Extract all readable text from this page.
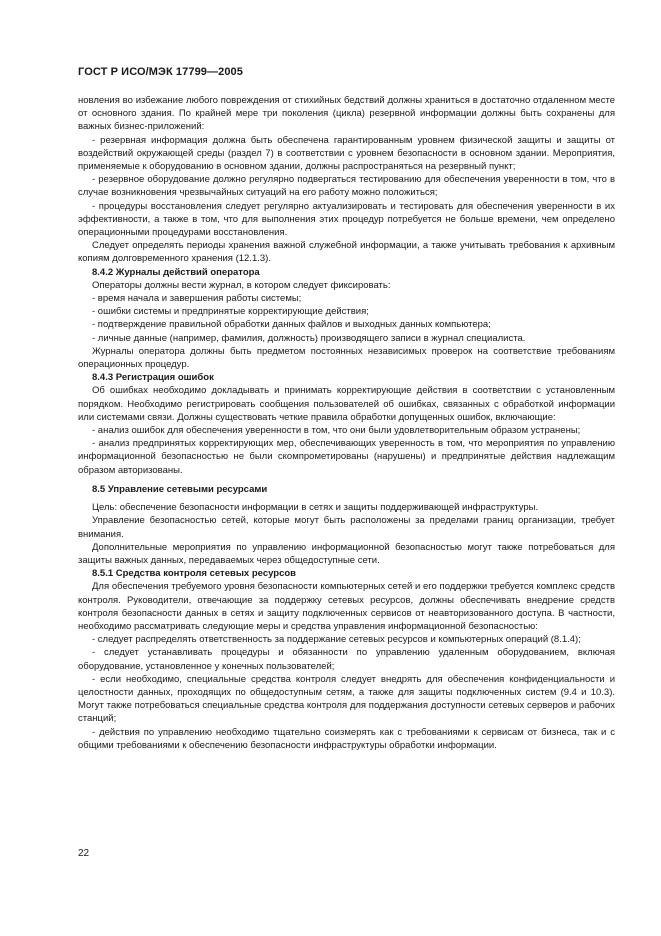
ГОСТ Р ИСО/МЭК 17799—2005

новления во избежание любого повреждения от стихийных бедствий должны храниться в достаточно отдаленном месте от основного здания. По крайней мере три поколения (цикла) резервной информации должны быть сохранены для важных бизнес-приложений:

- резервная информация должна быть обеспечена гарантированным уровнем физической защиты и защиты от воздействий окружающей среды (раздел 7) в соответствии с уровнем безопасности в основном здании. Мероприятия, применяемые к оборудованию в основном здании, должны распространяться на резервный пункт;

- резервное оборудование должно регулярно подвергаться тестированию для обеспечения уверенности в том, что в случае возникновения чрезвычайных ситуаций на его работу можно положиться;

- процедуры восстановления следует регулярно актуализировать и тестировать для обеспечения уверенности в их эффективности, а также в том, что для выполнения этих процедур потребуется не больше времени, чем определено операционными процедурами восстановления.

Следует определять периоды хранения важной служебной информации, а также учитывать требования к архивным копиям долговременного хранения (12.1.3).

8.4.2 Журналы действий оператора

Операторы должны вести журнал, в котором следует фиксировать:

- время начала и завершения работы системы;

- ошибки системы и предпринятые корректирующие действия;

- подтверждение правильной обработки данных файлов и выходных данных компьютера;

- личные данные (например, фамилия, должность) производящего записи в журнал специалиста.

Журналы оператора должны быть предметом постоянных независимых проверок на соответствие требованиям операционных процедур.

8.4.3 Регистрация ошибок

Об ошибках необходимо докладывать и принимать корректирующие действия в соответствии с установленным порядком. Необходимо регистрировать сообщения пользователей об ошибках, связанных с обработкой информации или системами связи. Должны существовать четкие правила обработки допущенных ошибок, включающие:

- анализ ошибок для обеспечения уверенности в том, что они были удовлетворительным образом устранены;

- анализ предпринятых корректирующих мер, обеспечивающих уверенность в том, что мероприятия по управлению информационной безопасностью не были скомпрометированы (нарушены) и предпринятые действия надлежащим образом авторизованы.

8.5 Управление сетевыми ресурсами

Цель: обеспечение безопасности информации в сетях и защиты поддерживающей инфраструктуры.

Управление безопасностью сетей, которые могут быть расположены за пределами границ организации, требует внимания.

Дополнительные мероприятия по управлению информационной безопасностью могут также потребоваться для защиты важных данных, передаваемых через общедоступные сети.

8.5.1 Средства контроля сетевых ресурсов

Для обеспечения требуемого уровня безопасности компьютерных сетей и его поддержки требуется комплекс средств контроля. Руководители, отвечающие за поддержку сетевых ресурсов, должны обеспечивать внедрение средств контроля безопасности данных в сетях и защиту подключенных сервисов от неавторизованного доступа. В частности, необходимо рассматривать следующие меры и средства управления информационной безопасностью:

- следует распределять ответственность за поддержание сетевых ресурсов и компьютерных операций (8.1.4);

- следует устанавливать процедуры и обязанности по управлению удаленным оборудованием, включая оборудование, установленное у конечных пользователей;

- если необходимо, специальные средства контроля следует внедрять для обеспечения конфиденциальности и целостности данных, проходящих по общедоступным сетям, а также для защиты подключенных систем (9.4 и 10.3). Могут также потребоваться специальные средства контроля для поддержания доступности сетевых серверов и рабочих станций;

- действия по управлению необходимо тщательно соизмерять как с требованиями к сервисам от бизнеса, так и с общими требованиями к обеспечению безопасности инфраструктуры обработки информации.

22
